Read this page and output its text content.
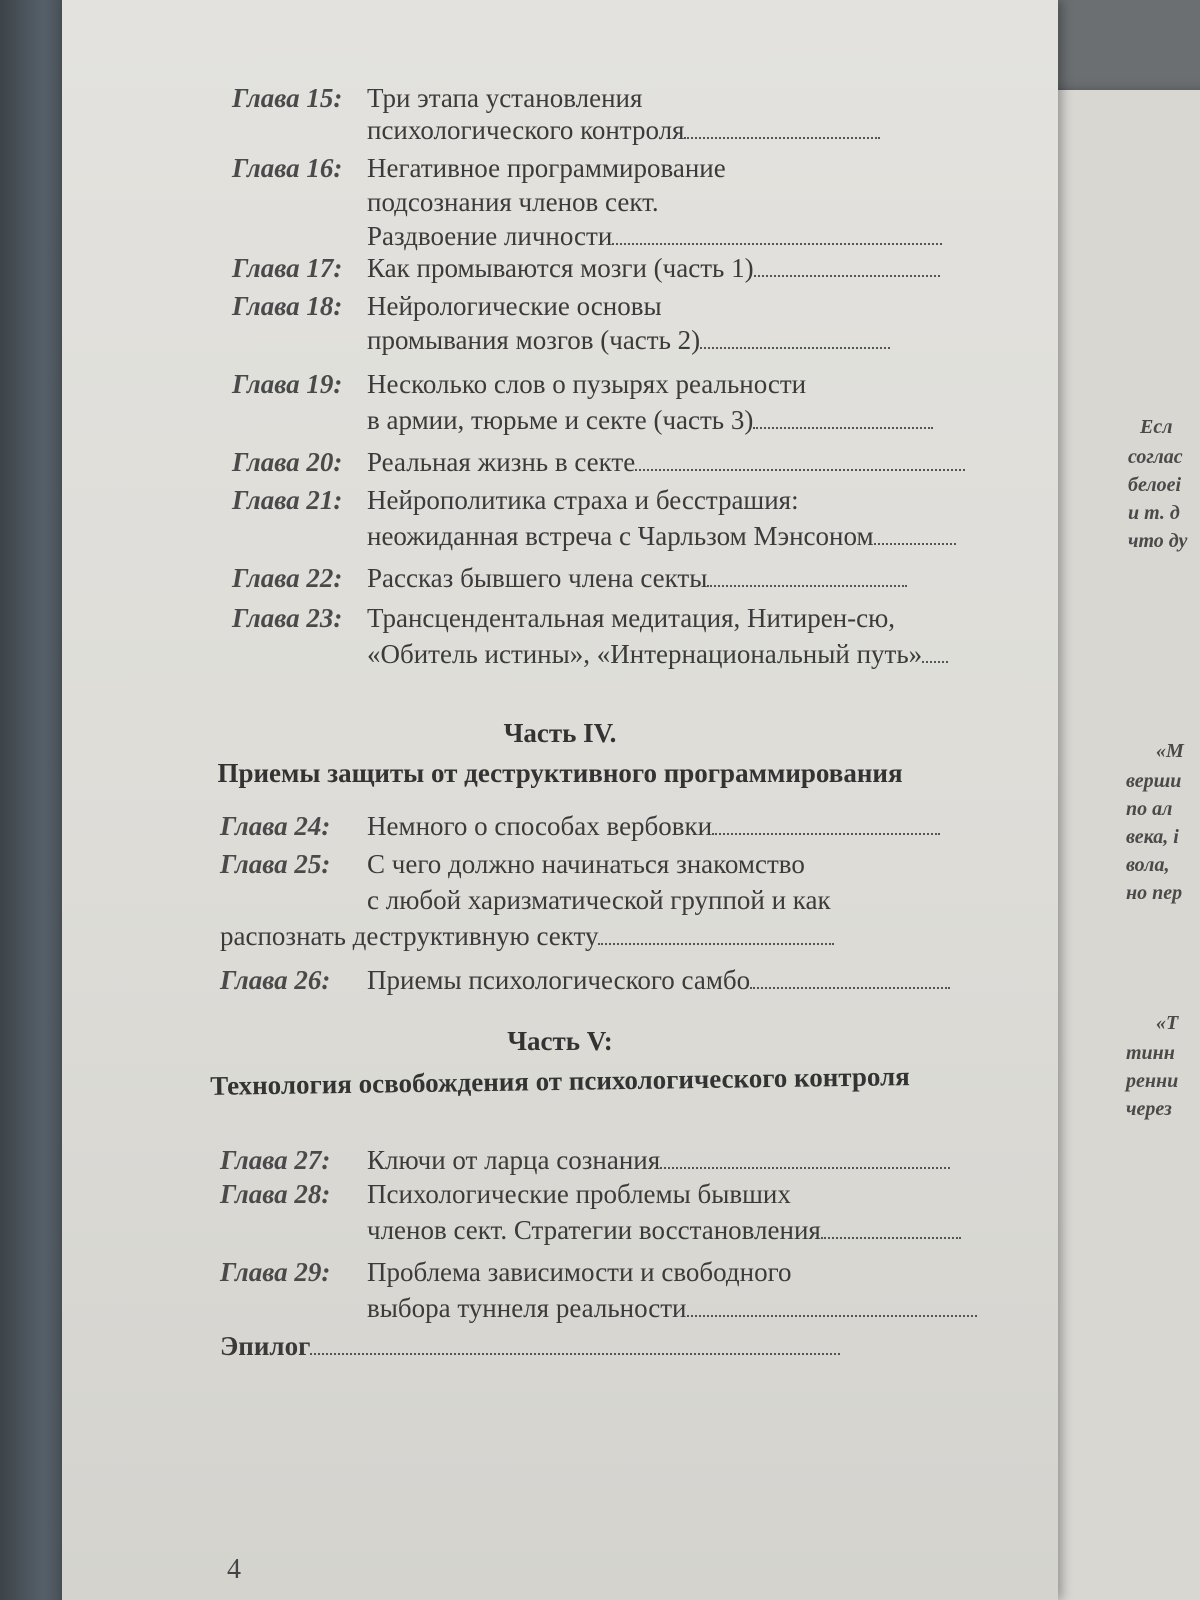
Есл
соглас
белоеі
и т. д
что ду
«М
верши
по ал
века, і
вола,
но пер
«Т
тинн
ренни
через
Часть IV.
Приемы защиты от деструктивного программирования
Часть V:
Технология освобождения от психологического контроля
Эпилог
4
Глава 15: Три этапа установления
психологического контроля
Глава 16: Негативное программирование
подсознания членов сект.
Раздвоение личности
Глава 17: Как промываются мозги (часть 1)
Глава 18: Нейрологические основы
промывания мозгов (часть 2)
Глава 19: Несколько слов о пузырях реальности
в армии, тюрьме и секте (часть 3)
Глава 20: Реальная жизнь в секте
Глава 21: Нейрополитика страха и бесстрашия:
неожиданная встреча с Чарльзом Мэнсоном
Глава 22: Рассказ бывшего члена секты
Глава 23: Трансцендентальная медитация, Нитирен-сю,
«Обитель истины», «Интернациональный путь»
Глава 24: Немного о способах вербовки
Глава 25: С чего должно начинаться знакомство
с любой харизматической группой и как
распознать деструктивную секту
Глава 26: Приемы психологического самбо
Глава 27: Ключи от ларца сознания
Глава 28: Психологические проблемы бывших
членов сект. Стратегии восстановления
Глава 29: Проблема зависимости и свободного
выбора туннеля реальности
